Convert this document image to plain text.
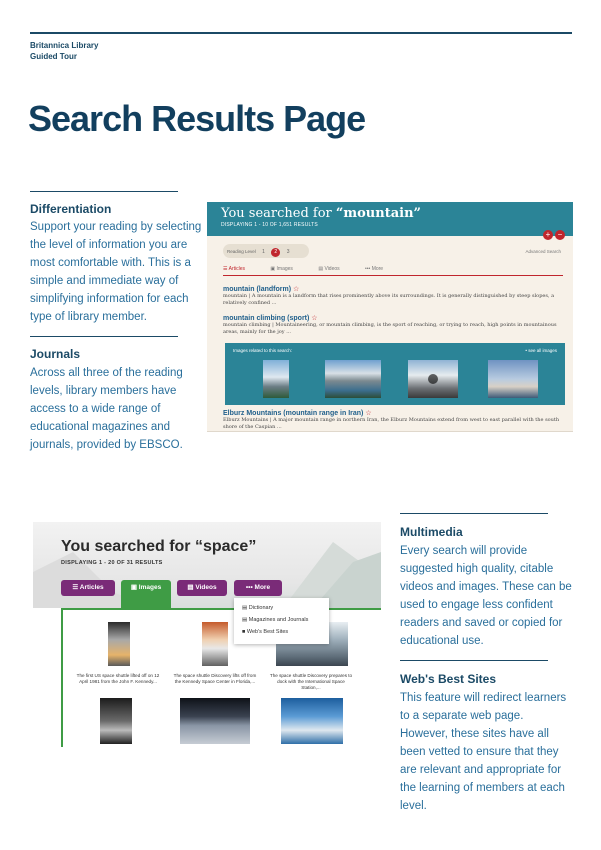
Britannica Library
Guided Tour
Search Results Page
Differentiation
Support your reading by selecting
the level of information you are
most comfortable with. This is a
simple and immediate way of
simplifying information for each
type of library member.
Journals
Across all three of the reading
levels, library members have
access to a wide range of
educational magazines and
journals, provided by EBSCO.
You searched for “mountain”
DISPLAYING 1 - 10 OF 1,651 RESULTS
+ −
Reading Level 1 2 3	Advanced Search
☰ Articles	▣ Images	▤ Videos	••• More
mountain (landform) ☆
mountain | A mountain is a landform that rises prominently above its surroundings. It is generally distinguished by steep slopes, a relatively confined ...
mountain climbing (sport) ☆
mountain climbing | Mountaineering, or mountain climbing, is the sport of reaching, or trying to reach, high points in mountainous areas, mainly for the joy ...
Images related to this search:	• see all images
Elburz Mountains (mountain range in Iran) ☆
Elburz Mountains | A major mountain range in northern Iran, the Elburz Mountains extend from west to east parallel with the south shore of the Caspian ...
You searched for “space”
DISPLAYING 1 - 20 OF 31 RESULTS
☰ Articles	▣ Images	▤ Videos	••• More
The first US space shuttle lifted off on 12 April 1981 from the John F. Kennedy...
The space shuttle Discovery lifts off from the Kennedy Space Center in Florida,...
The space shuttle Discovery prepares to dock with the International Space Station,...
▤ Dictionary
▤ Magazines and Journals
■ Web's Best Sites
Multimedia
Every search will provide
suggested high quality, citable
videos and images. These can be
used to engage less confident
readers and saved or copied for
educational use.
Web's Best Sites
This feature will redirect learners
to a separate web page.
However, these sites have all
been vetted to ensure that they
are relevant and appropriate for
the learning of members at each
level.
